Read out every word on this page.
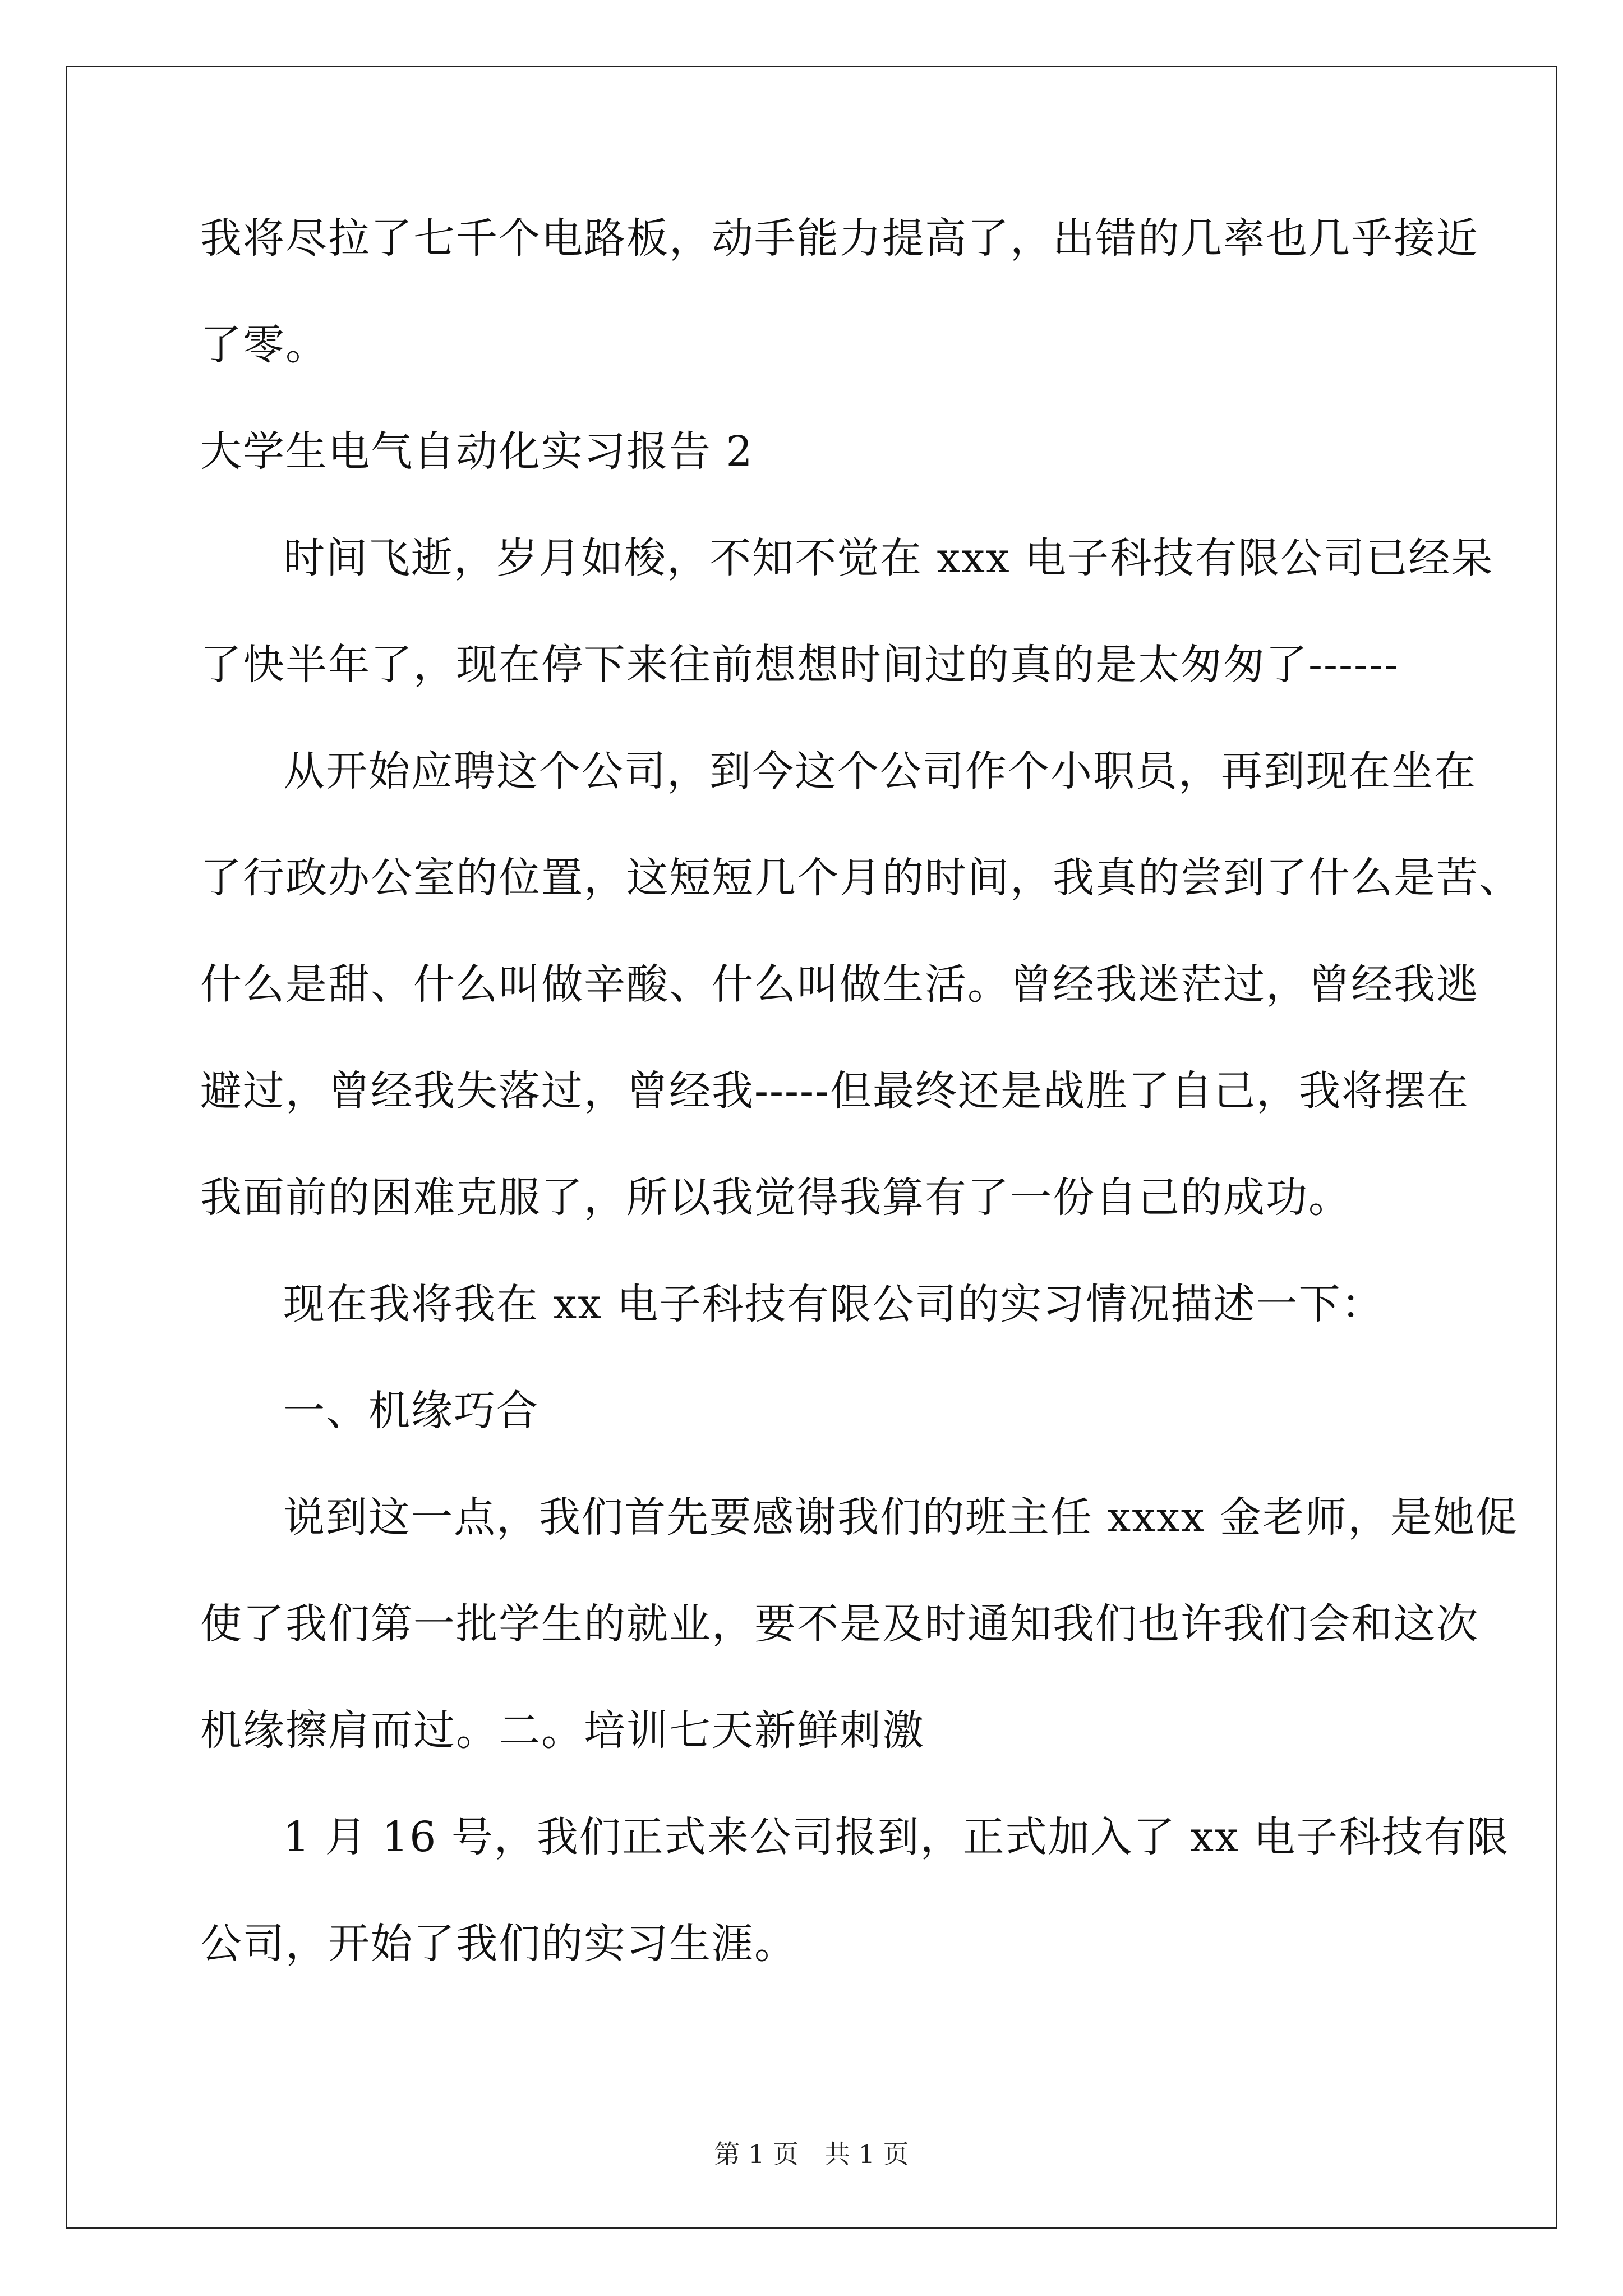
我将尽拉了七千个电路板，动手能力提高了，出错的几率也几乎接近
了零。
大学生电气自动化实习报告 2
时间飞逝，岁月如梭，不知不觉在 xxx 电子科技有限公司已经呆
了快半年了，现在停下来往前想想时间过的真的是太匆匆了------
从开始应聘这个公司，到今这个公司作个小职员，再到现在坐在
了行政办公室的位置，这短短几个月的时间，我真的尝到了什么是苦、
什么是甜、什么叫做辛酸、什么叫做生活。曾经我迷茫过，曾经我逃
避过，曾经我失落过，曾经我-----但最终还是战胜了自己，我将摆在
我面前的困难克服了，所以我觉得我算有了一份自己的成功。
现在我将我在 xx 电子科技有限公司的实习情况描述一下：
一、机缘巧合
说到这一点，我们首先要感谢我们的班主任 xxxx 金老师，是她促
使了我们第一批学生的就业，要不是及时通知我们也许我们会和这次
机缘擦肩而过。二。培训七天新鲜刺激
1 月 16 号，我们正式来公司报到，正式加入了 xx 电子科技有限
公司，开始了我们的实习生涯。
第 1 页　共 1 页
